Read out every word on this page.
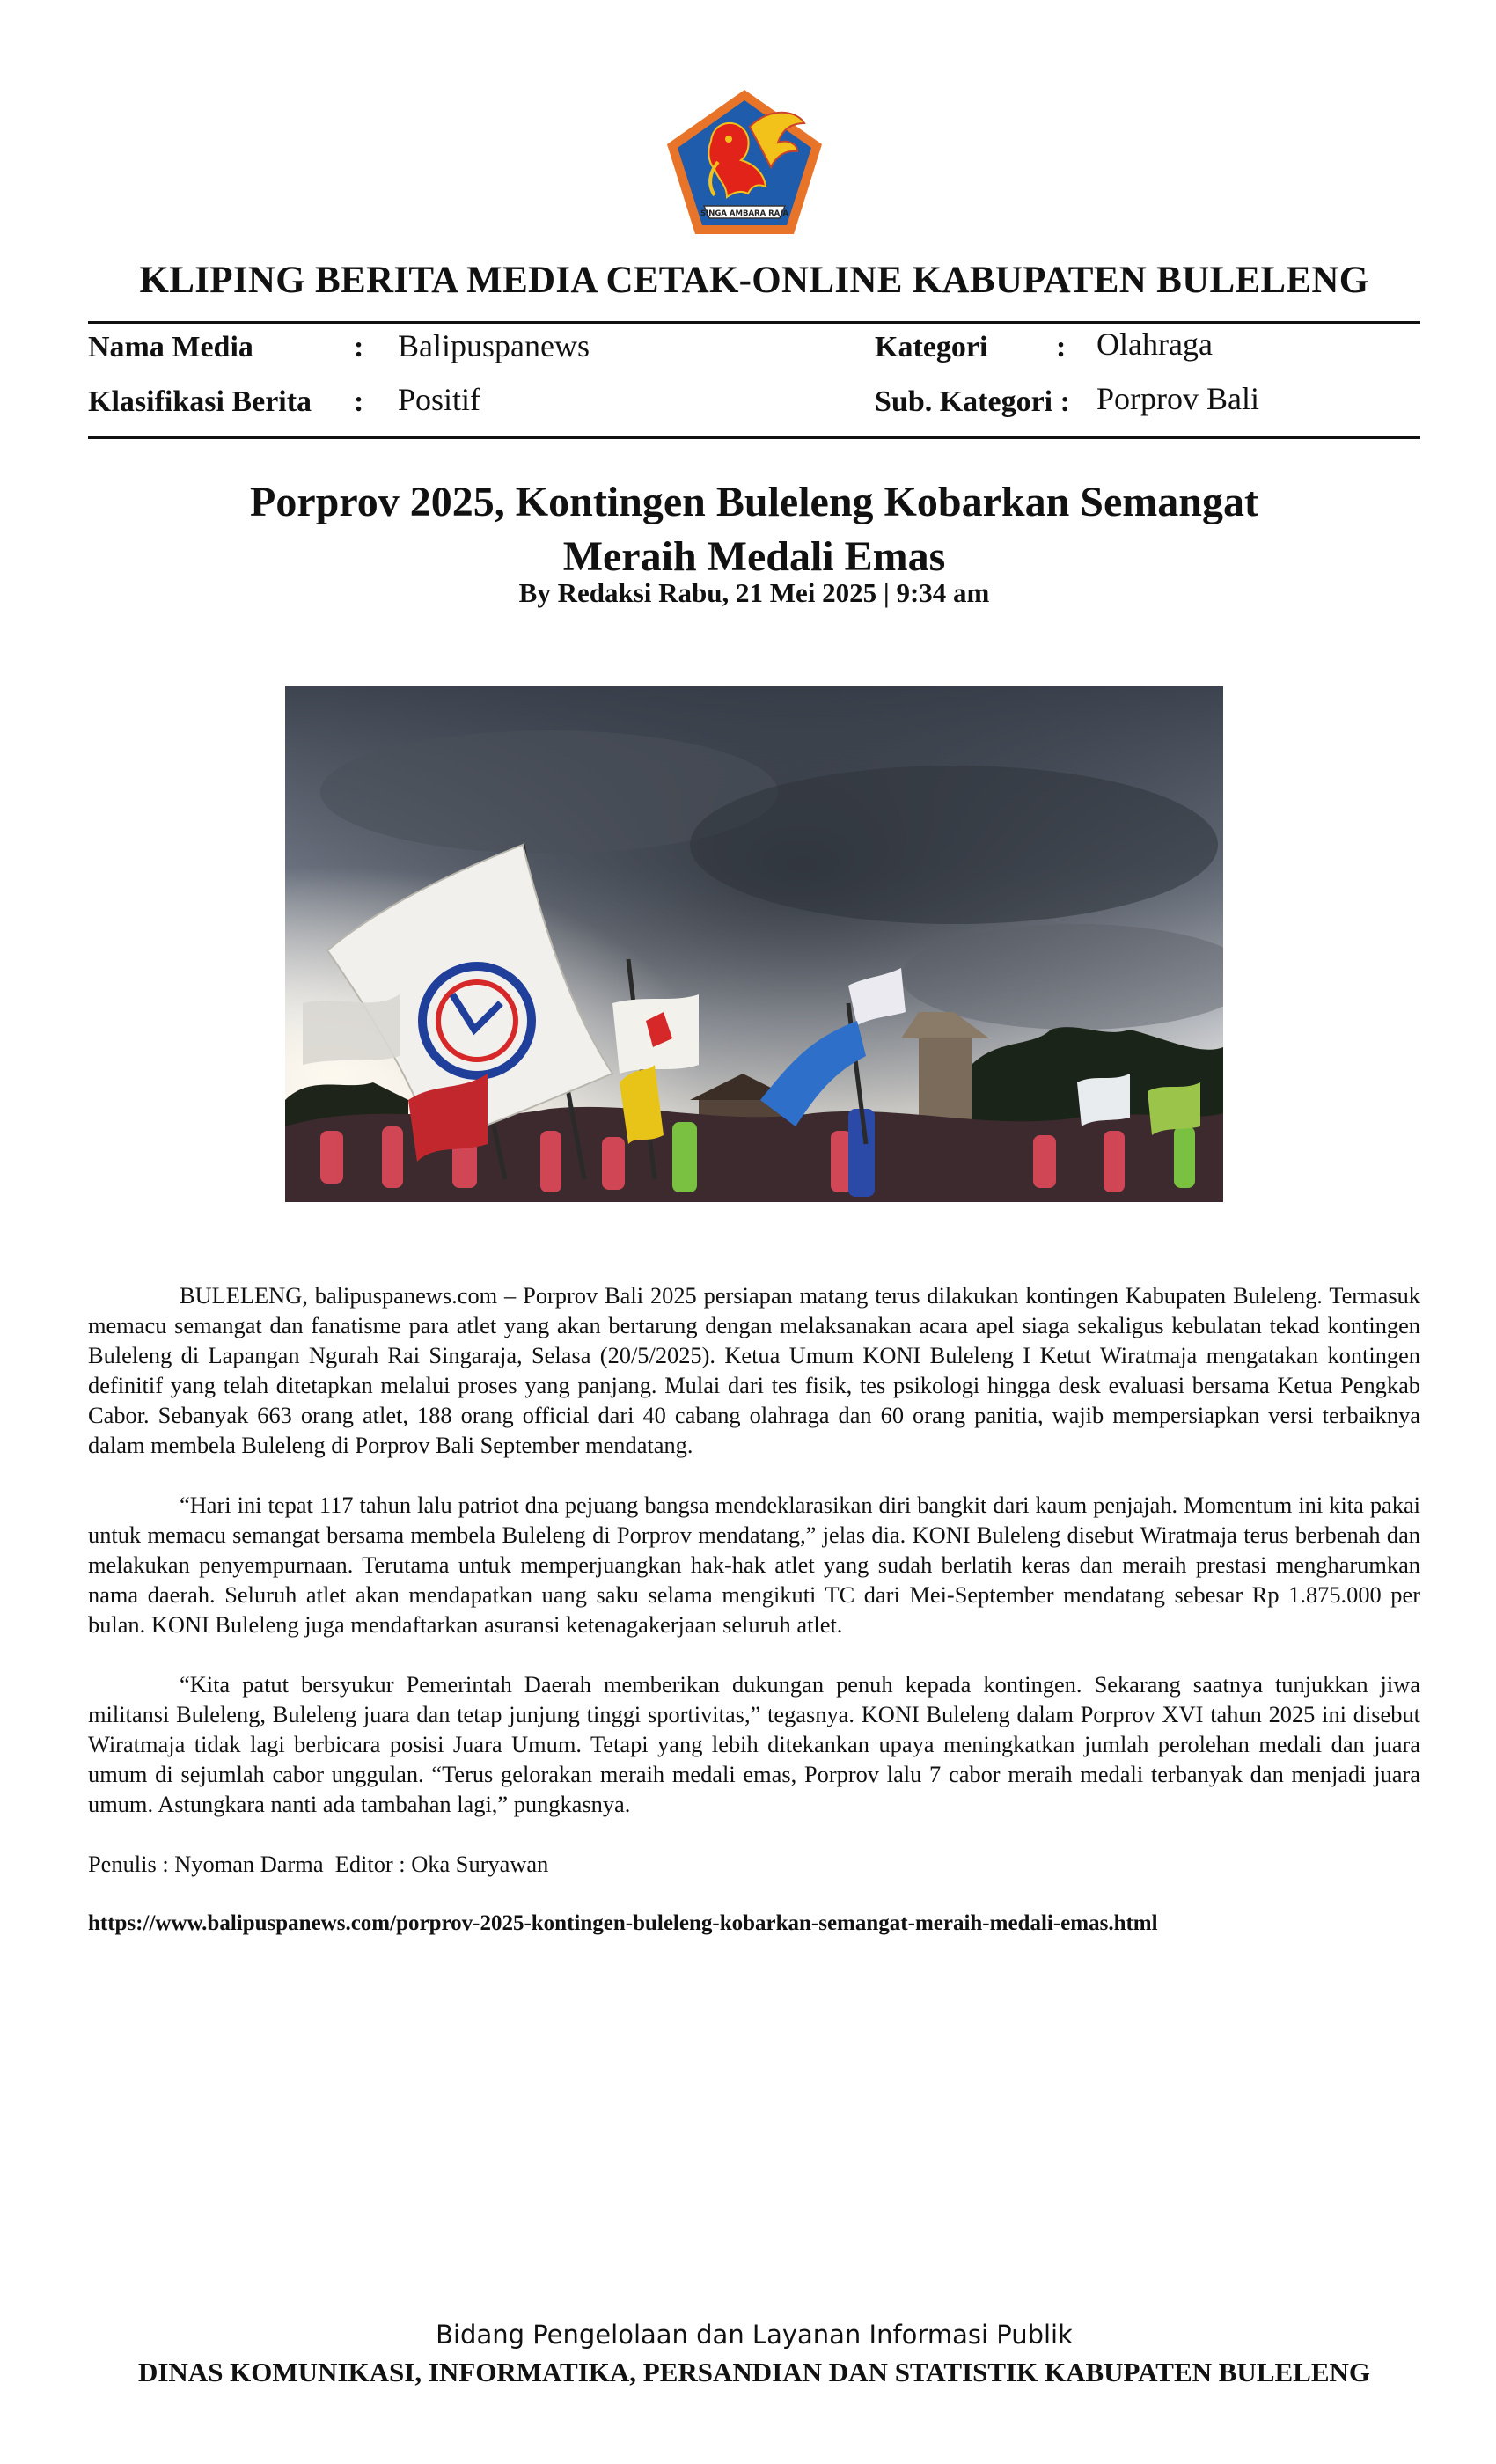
SINGA AMBARA RAJA
KLIPING BERITA MEDIA CETAK-ONLINE KABUPATEN BULELENG
Nama Media	: Balipuspanews	Kategori : Olahraga
Klasifikasi Berita : Positif	Sub. Kategori : Porprov Bali
Porprov 2025, Kontingen Buleleng Kobarkan Semangat
Meraih Medali Emas
By Redaksi Rabu, 21 Mei 2025 | 9:34 am

BULELENG, balipuspanews.com – Porprov Bali 2025 persiapan matang terus dilakukan kontingen Kabupaten Buleleng. Termasuk memacu semangat dan fanatisme para atlet yang akan bertarung dengan melaksanakan acara apel siaga sekaligus kebulatan tekad kontingen Buleleng di Lapangan Ngurah Rai Singaraja, Selasa (20/5/2025). Ketua Umum KONI Buleleng I Ketut Wiratmaja mengatakan kontingen definitif yang telah ditetapkan melalui proses yang panjang. Mulai dari tes fisik, tes psikologi hingga desk evaluasi bersama Ketua Pengkab Cabor. Sebanyak 663 orang atlet, 188 orang official dari 40 cabang olahraga dan 60 orang panitia, wajib mempersiapkan versi terbaiknya dalam membela Buleleng di Porprov Bali September mendatang.

“Hari ini tepat 117 tahun lalu patriot dna pejuang bangsa mendeklarasikan diri bangkit dari kaum penjajah. Momentum ini kita pakai untuk memacu semangat bersama membela Buleleng di Porprov mendatang,” jelas dia. KONI Buleleng disebut Wiratmaja terus berbenah dan melakukan penyempurnaan. Terutama untuk memperjuangkan hak-hak atlet yang sudah berlatih keras dan meraih prestasi mengharumkan nama daerah. Seluruh atlet akan mendapatkan uang saku selama mengikuti TC dari Mei-September mendatang sebesar Rp 1.875.000 per bulan. KONI Buleleng juga mendaftarkan asuransi ketenagakerjaan seluruh atlet.

“Kita patut bersyukur Pemerintah Daerah memberikan dukungan penuh kepada kontingen. Sekarang saatnya tunjukkan jiwa militansi Buleleng, Buleleng juara dan tetap junjung tinggi sportivitas,” tegasnya. KONI Buleleng dalam Porprov XVI tahun 2025 ini disebut Wiratmaja tidak lagi berbicara posisi Juara Umum. Tetapi yang lebih ditekankan upaya meningkatkan jumlah perolehan medali dan juara umum di sejumlah cabor unggulan. “Terus gelorakan meraih medali emas, Porprov lalu 7 cabor meraih medali terbanyak dan menjadi juara umum. Astungkara nanti ada tambahan lagi,” pungkasnya.

Penulis : Nyoman Darma  Editor : Oka Suryawan

https://www.balipuspanews.com/porprov-2025-kontingen-buleleng-kobarkan-semangat-meraih-medali-emas.html

Bidang Pengelolaan dan Layanan Informasi Publik
DINAS KOMUNIKASI, INFORMATIKA, PERSANDIAN DAN STATISTIK KABUPATEN BULELENG
